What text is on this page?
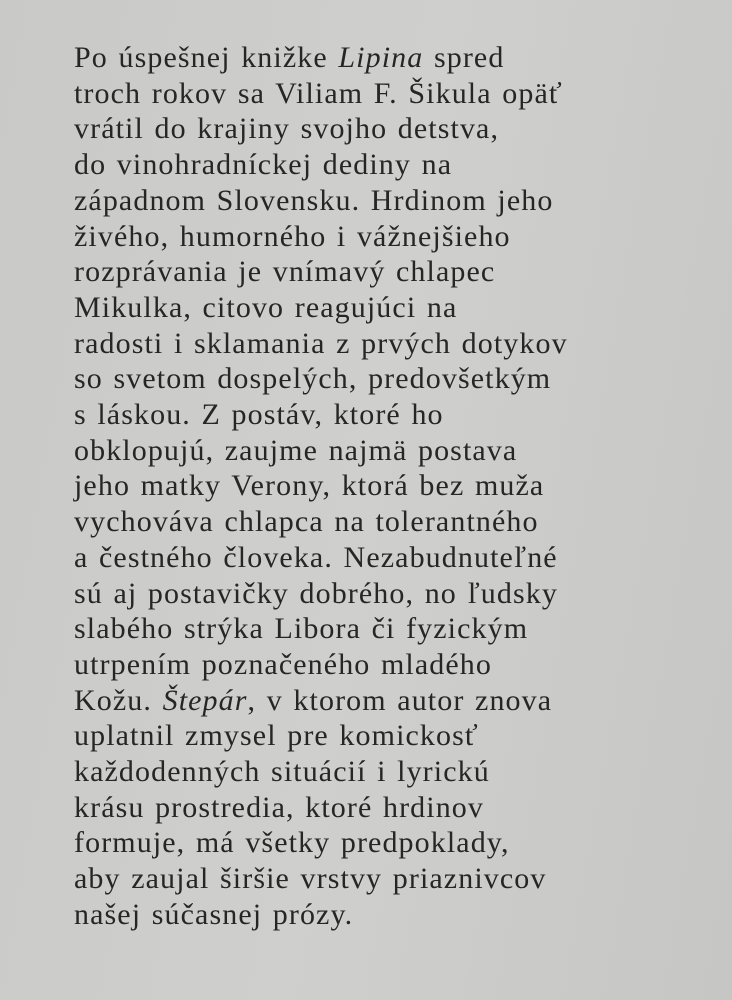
Po úspešnej knižke Lipina spred
troch rokov sa Viliam F. Šikula opäť
vrátil do krajiny svojho detstva,
do vinohradníckej dediny na
západnom Slovensku. Hrdinom jeho
živého, humorného i vážnejšieho
rozprávania je vnímavý chlapec
Mikulka, citovo reagujúci na
radosti i sklamania z prvých dotykov
so svetom dospelých, predovšetkým
s láskou. Z postáv, ktoré ho
obklopujú, zaujme najmä postava
jeho matky Verony, ktorá bez muža
vychováva chlapca na tolerantného
a čestného človeka. Nezabudnuteľné
sú aj postavičky dobrého, no ľudsky
slabého strýka Libora či fyzickým
utrpením poznačeného mladého
Kožu. Štepár, v ktorom autor znova
uplatnil zmysel pre komickosť
každodenných situácií i lyrickú
krásu prostredia, ktoré hrdinov
formuje, má všetky predpoklady,
aby zaujal širšie vrstvy priaznivcov
našej súčasnej prózy.
